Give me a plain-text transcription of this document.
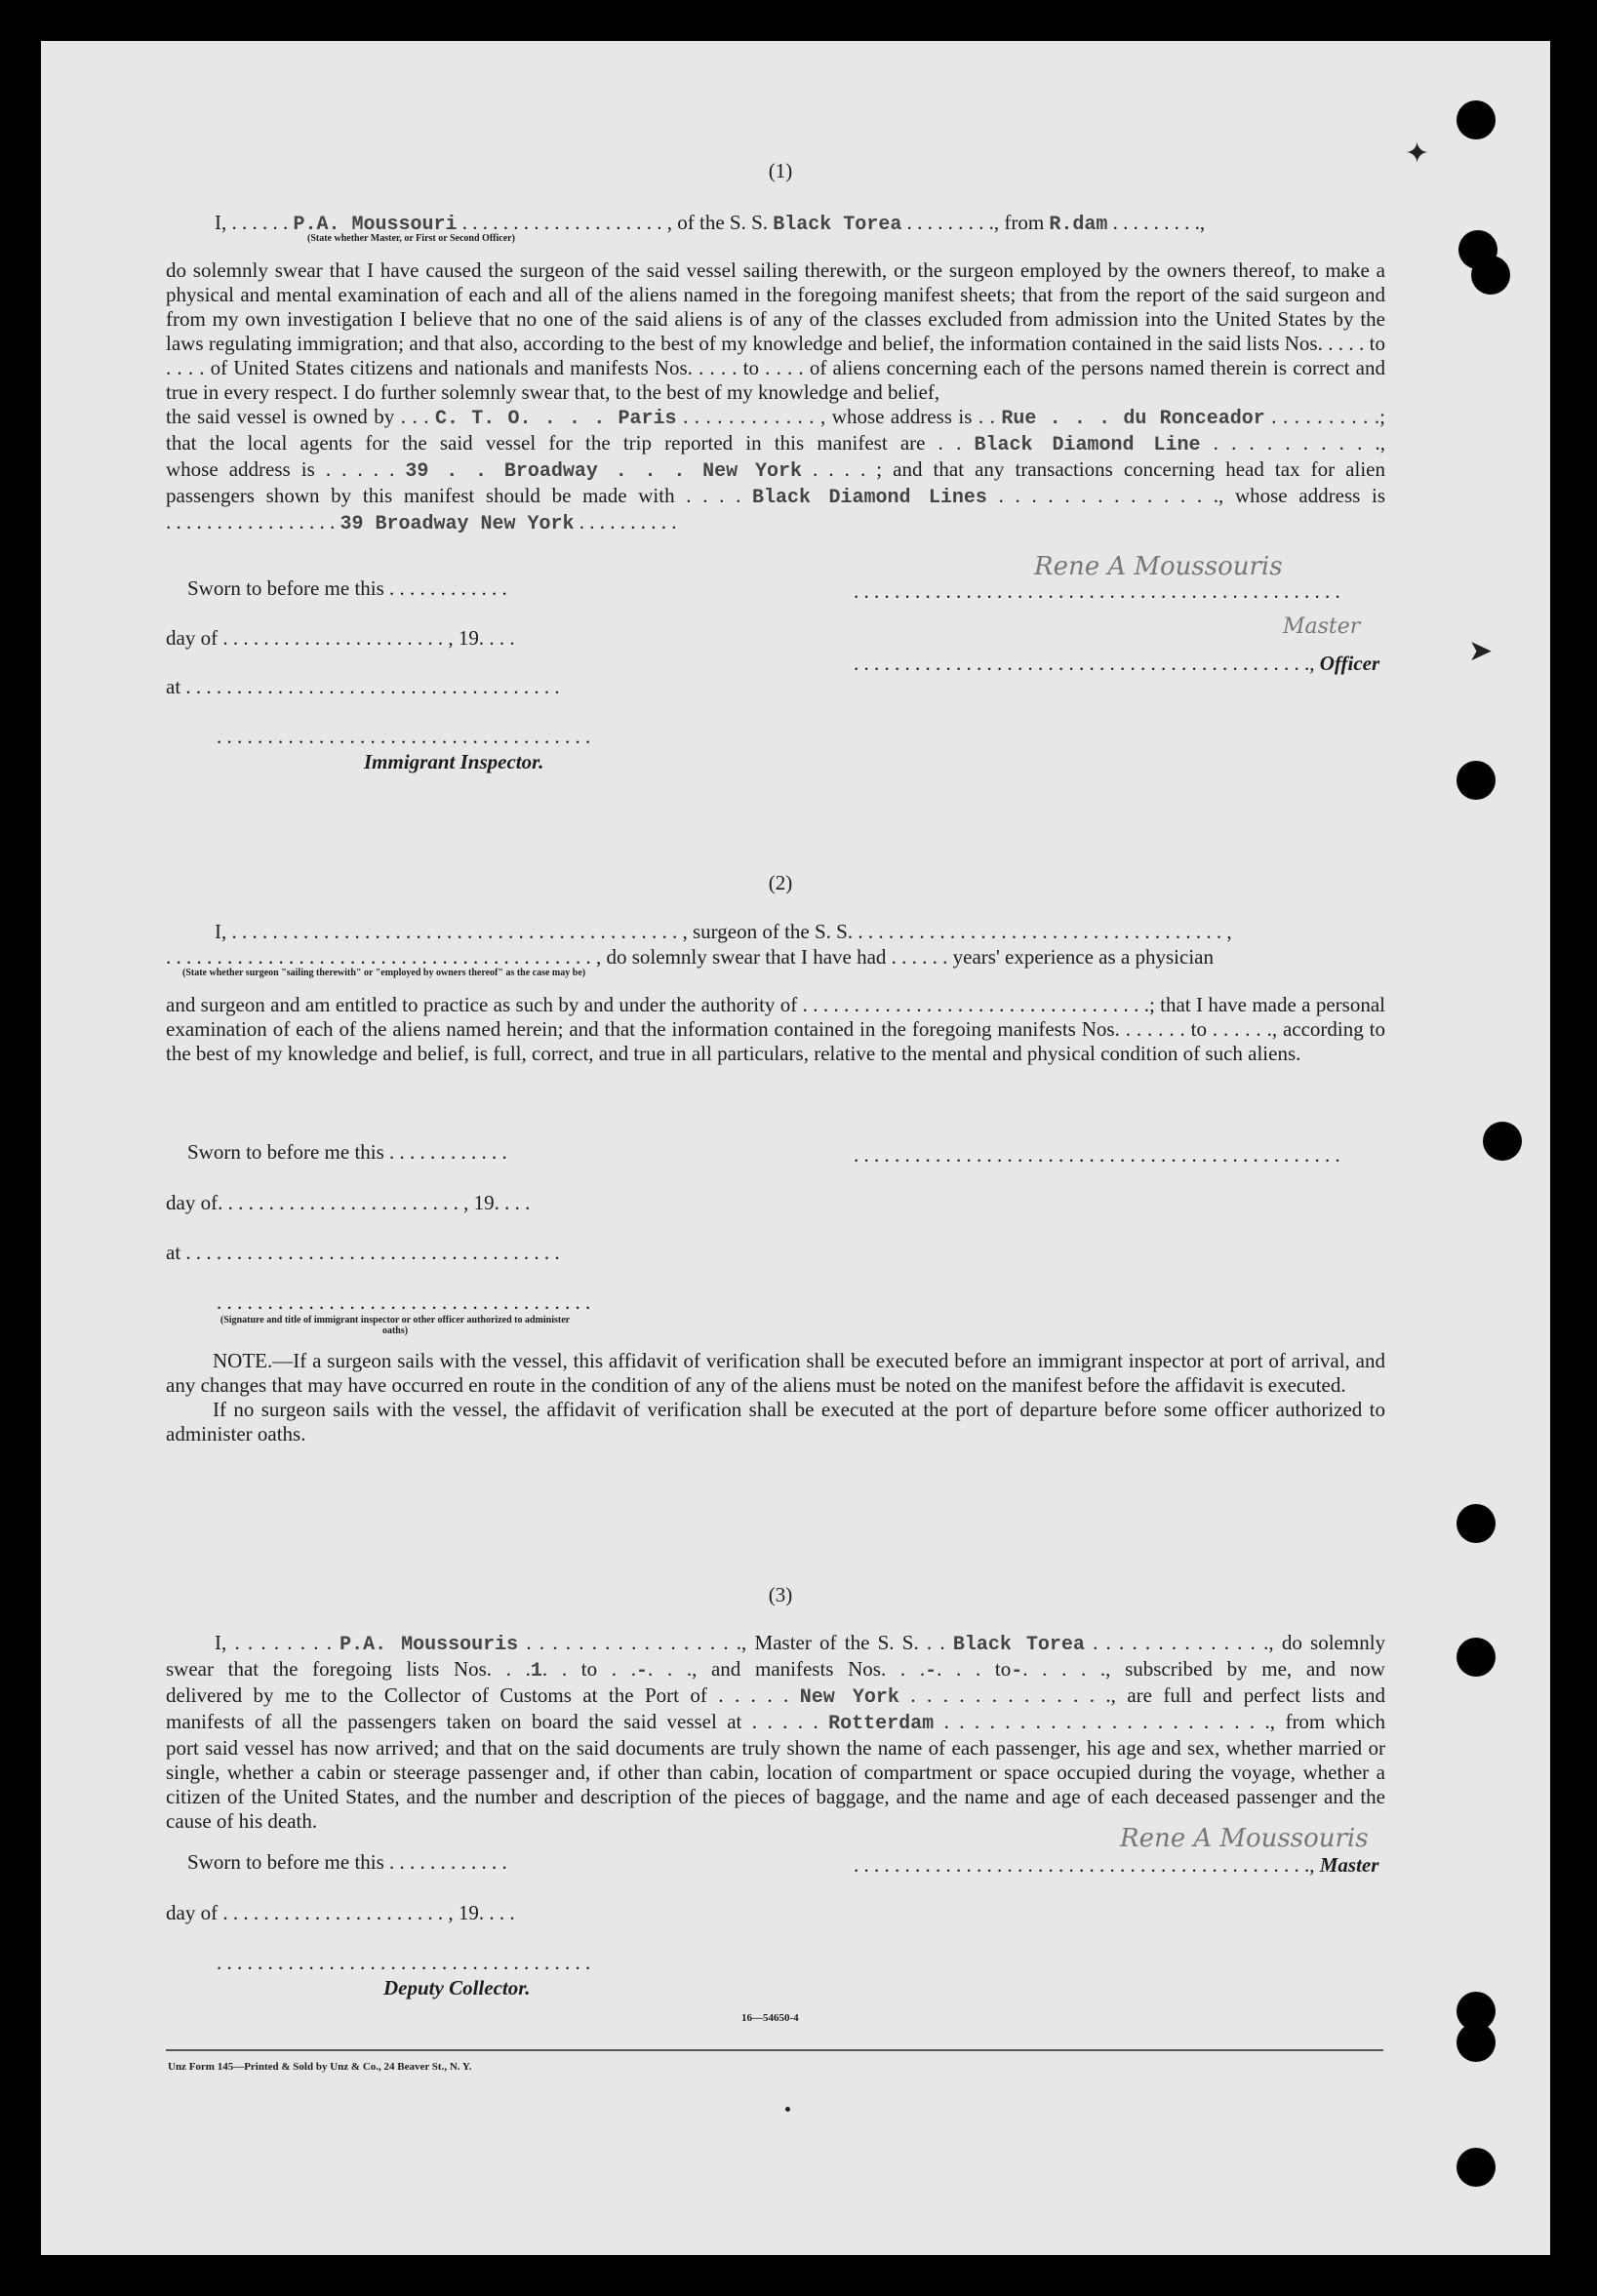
✦
➤
(1)
I, . . . . . . P.A. Moussouri . . . . . . . . . . . . . . . . . . . . , of the S. S. Black Torea . . . . . . . . ., from R.dam . . . . . . . . .,
(State whether Master, or First or Second Officer)

do solemnly swear that I have caused the surgeon of the said vessel sailing therewith, or the surgeon employed by the owners thereof, to make a physical and mental examination of each and all of the aliens named in the foregoing manifest sheets; that from the report of the said surgeon and from my own investigation I believe that no one of the said aliens is of any of the classes excluded from admission into the United States by the laws regulating immigration; and that also, according to the best of my knowledge and belief, the information contained in the said lists Nos. . . . . to . . . . of United States citizens and nationals and manifests Nos. . . . . to . . . . of aliens concerning each of the persons named therein is correct and true in every respect. I do further solemnly swear that, to the best of my knowledge and belief,

the said vessel is owned by . . . C. T. O. . . . Paris . . . . . . . . . . . . , whose address is . . Rue . . . du Ronceador . . . . . . . . . .;

that the local agents for the said vessel for the trip reported in this manifest are . . Black Diamond Line . . . . . . . . . .,

whose address is . . . . . 39 . . Broadway . . . New York . . . . ; and that any transactions concerning head tax for alien

passengers shown by this manifest should be made with . . . . Black Diamond Lines . . . . . . . . . . . . . ., whose address is

. . . . . . . . . . . . . . . . . 39 Broadway New York . . . . . . . . . .

Sworn to before me this . . . . . . . . . . . .
Rene A Moussouris
. . . . . . . . . . . . . . . . . . . . . . . . . . . . . . . . . . . . . . . . . . . . . . . .
day of . . . . . . . . . . . . . . . . . . . . . . , 19. . . .	Master
. . . . . . . . . . . . . . . . . . . . . . . . . . . . . . . . . . . . . . . . . . . . ., Officer
at . . . . . . . . . . . . . . . . . . . . . . . . . . . . . . . . . . . . .
. . . . . . . . . . . . . . . . . . . . . . . . . . . . . . . . . . . . .
Immigrant Inspector.
(2)
I, . . . . . . . . . . . . . . . . . . . . . . . . . . . . . . . . . . . . . . . . . . . . , surgeon of the S. S. . . . . . . . . . . . . . . . . . . . . . . . . . . . . . . . . . . . . ,
. . . . . . . . . . . . . . . . . . . . . . . . . . . . . . . . . . . . . . . . . . , do solemnly swear that I have had . . . . . . years' experience as a physician
(State whether surgeon "sailing therewith" or "employed by owners thereof" as the case may be)

and surgeon and am entitled to practice as such by and under the authority of . . . . . . . . . . . . . . . . . . . . . . . . . . . . . . . . . .; that I have made a personal examination of each of the aliens named herein; and that the information contained in the foregoing manifests Nos. . . . . . . to . . . . . ., according to the best of my knowledge and belief, is full, correct, and true in all particulars, relative to the mental and physical condition of such aliens.

Sworn to before me this . . . . . . . . . . . .	. . . . . . . . . . . . . . . . . . . . . . . . . . . . . . . . . . . . . . . . . . . . . . . .
day of. . . . . . . . . . . . . . . . . . . . . . . . , 19. . . .
at . . . . . . . . . . . . . . . . . . . . . . . . . . . . . . . . . . . . .
. . . . . . . . . . . . . . . . . . . . . . . . . . . . . . . . . . . . .
(Signature and title of immigrant inspector or other officer authorized to administer oaths)

NOTE.—If a surgeon sails with the vessel, this affidavit of verification shall be executed before an immigrant inspector at port of arrival, and any changes that may have occurred en route in the condition of any of the aliens must be noted on the manifest before the affidavit is executed.

If no surgeon sails with the vessel, the affidavit of verification shall be executed at the port of departure before some officer authorized to administer oaths.

(3)

I, . . . . . . . . P.A. Moussouris . . . . . . . . . . . . . . . . ., Master of the S. S. . . Black Torea . . . . . . . . . . . . . ., do solemnly

swear that the foregoing lists Nos. . .1. . to . .-. . ., and manifests Nos. . .-. . . to-. . . . ., subscribed by me, and now

delivered by me to the Collector of Customs at the Port of . . . . . New York . . . . . . . . . . . . ., are full and perfect lists and

manifests of all the passengers taken on board the said vessel at . . . . . Rotterdam . . . . . . . . . . . . . . . . . . . . . ., from which

port said vessel has now arrived; and that on the said documents are truly shown the name of each passenger, his age and sex, whether married or single, whether a cabin or steerage passenger and, if other than cabin, location of compartment or space occupied during the voyage, whether a citizen of the United States, and the number and description of the pieces of baggage, and the name and age of each deceased passenger and the cause of his death.

Sworn to before me this . . . . . . . . . . . .
Rene A Moussouris
. . . . . . . . . . . . . . . . . . . . . . . . . . . . . . . . . . . . . . . . . . . . ., Master
day of . . . . . . . . . . . . . . . . . . . . . . , 19. . . .
. . . . . . . . . . . . . . . . . . . . . . . . . . . . . . . . . . . . .
Deputy Collector.
16—54650-4
Unz Form 145—Printed & Sold by Unz & Co., 24 Beaver St., N. Y.
